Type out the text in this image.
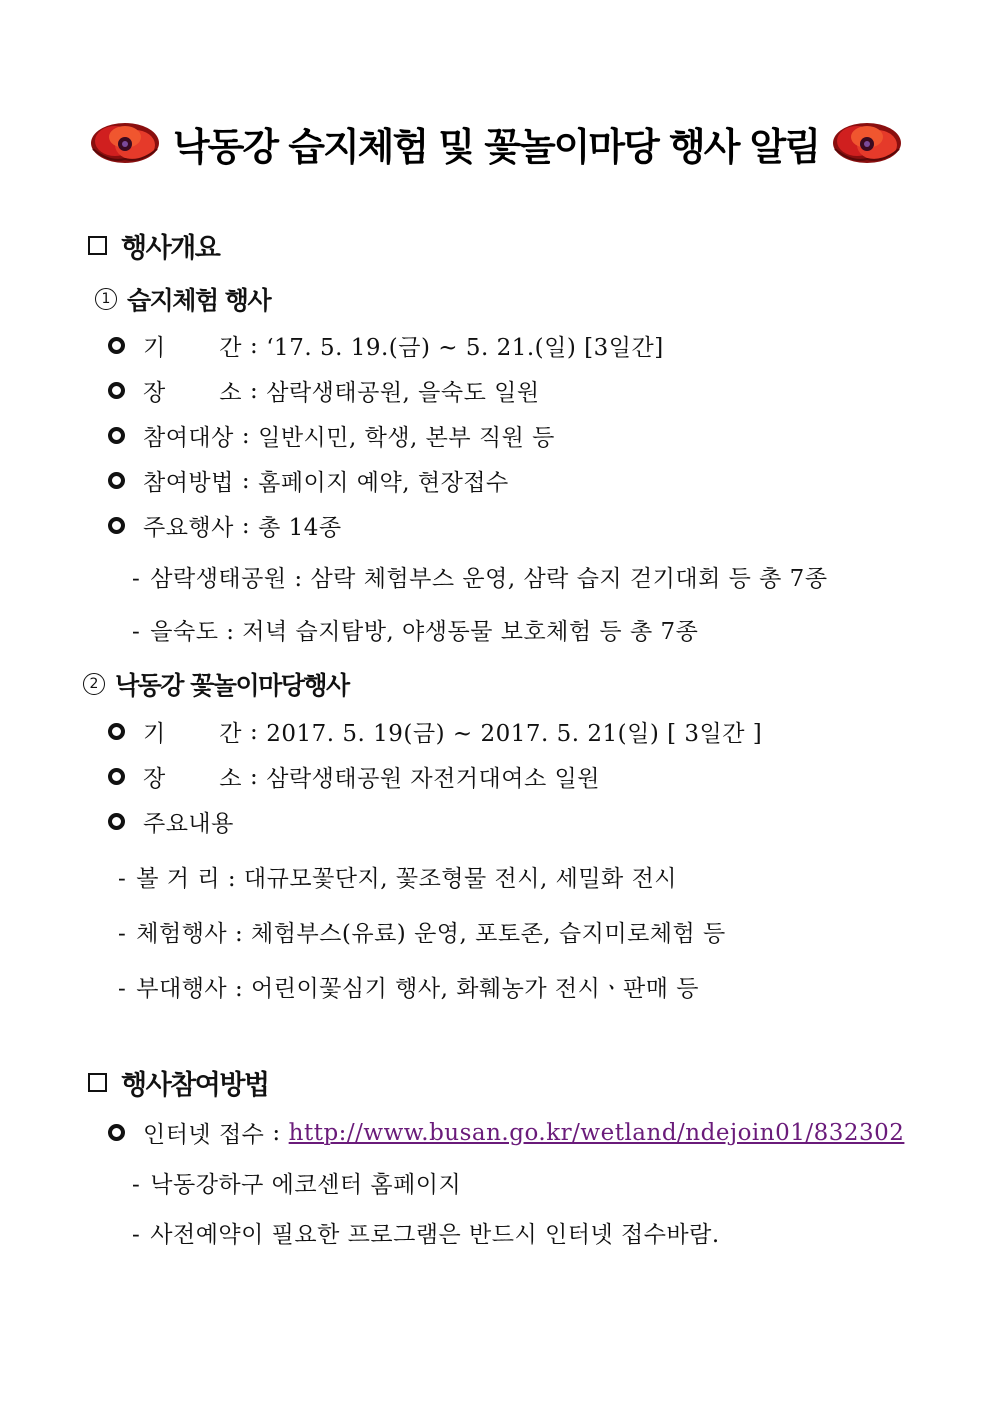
낙동강 습지체험 및 꽃놀이마당 행사 알림
행사개요
1 습지체험 행사
기 간 : ‘17. 5. 19.(금) ~ 5. 21.(일) [3일간]
장 소 : 삼락생태공원, 을숙도 일원
참여대상 : 일반시민, 학생, 본부 직원 등
참여방법 : 홈페이지 예약, 현장접수
주요행사 : 총 14종
- 삼락생태공원 : 삼락 체험부스 운영, 삼락 습지 걷기대회 등 총 7종
- 을숙도 : 저녁 습지탐방, 야생동물 보호체험 등 총 7종
2 낙동강 꽃놀이마당행사
기 간 : 2017. 5. 19(금) ~ 2017. 5. 21(일) [ 3일간 ]
장 소 : 삼락생태공원 자전거대여소 일원
주요내용
- 볼 거 리 : 대규모꽃단지, 꽃조형물 전시, 세밀화 전시
- 체험행사 : 체험부스(유료) 운영, 포토존, 습지미로체험 등
- 부대행사 : 어린이꽃심기 행사, 화훼농가 전시ㆍ판매 등
행사참여방법
인터넷 접수 : http://www.busan.go.kr/wetland/ndejoin01/832302
- 낙동강하구 에코센터 홈페이지
- 사전예약이 필요한 프로그램은 반드시 인터넷 접수바람.
